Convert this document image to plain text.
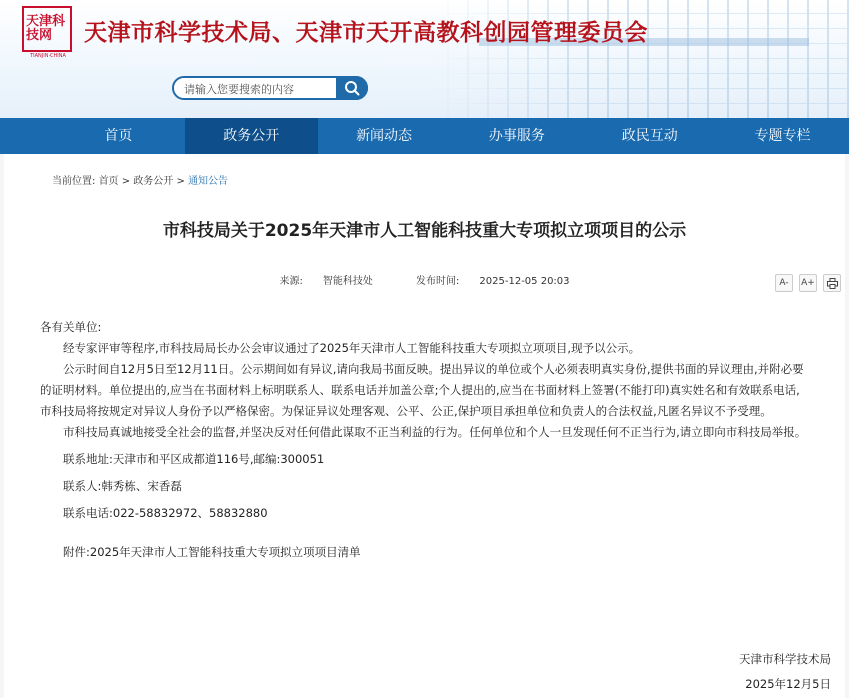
天津科技网
TIANJIN·CHINA
天津市科学技术局、天津市天开高教科创园管理委员会
请输入您要搜索的内容
首页	政务公开	新闻动态	办事服务	政民互动	专题专栏
当前位置: 首页 > 政务公开 > 通知公告
市科技局关于2025年天津市人工智能科技重大专项拟立项项目的公示
来源: 智能科技处	发布时间: 2025-12-05 20:03	A-	A+

各有关单位:

经专家评审等程序,市科技局局长办公会审议通过了2025年天津市人工智能科技重大专项拟立项项目,现予以公示。

公示时间自12月5日至12月11日。公示期间如有异议,请向我局书面反映。提出异议的单位或个人必须表明真实身份,提供书面的异议理由,并附必要的证明材料。单位提出的,应当在书面材料上标明联系人、联系电话并加盖公章;个人提出的,应当在书面材料上签署(不能打印)真实姓名和有效联系电话,市科技局将按规定对异议人身份予以严格保密。为保证异议处理客观、公平、公正,保护项目承担单位和负责人的合法权益,凡匿名异议不予受理。

市科技局真诚地接受全社会的监督,并坚决反对任何借此谋取不正当利益的行为。任何单位和个人一旦发现任何不正当行为,请立即向市科技局举报。

联系地址:天津市和平区成都道116号,邮编:300051

联系人:韩秀栋、宋香磊

联系电话:022-58832972、58832880

附件:2025年天津市人工智能科技重大专项拟立项项目清单

天津市科学技术局
2025年12月5日
